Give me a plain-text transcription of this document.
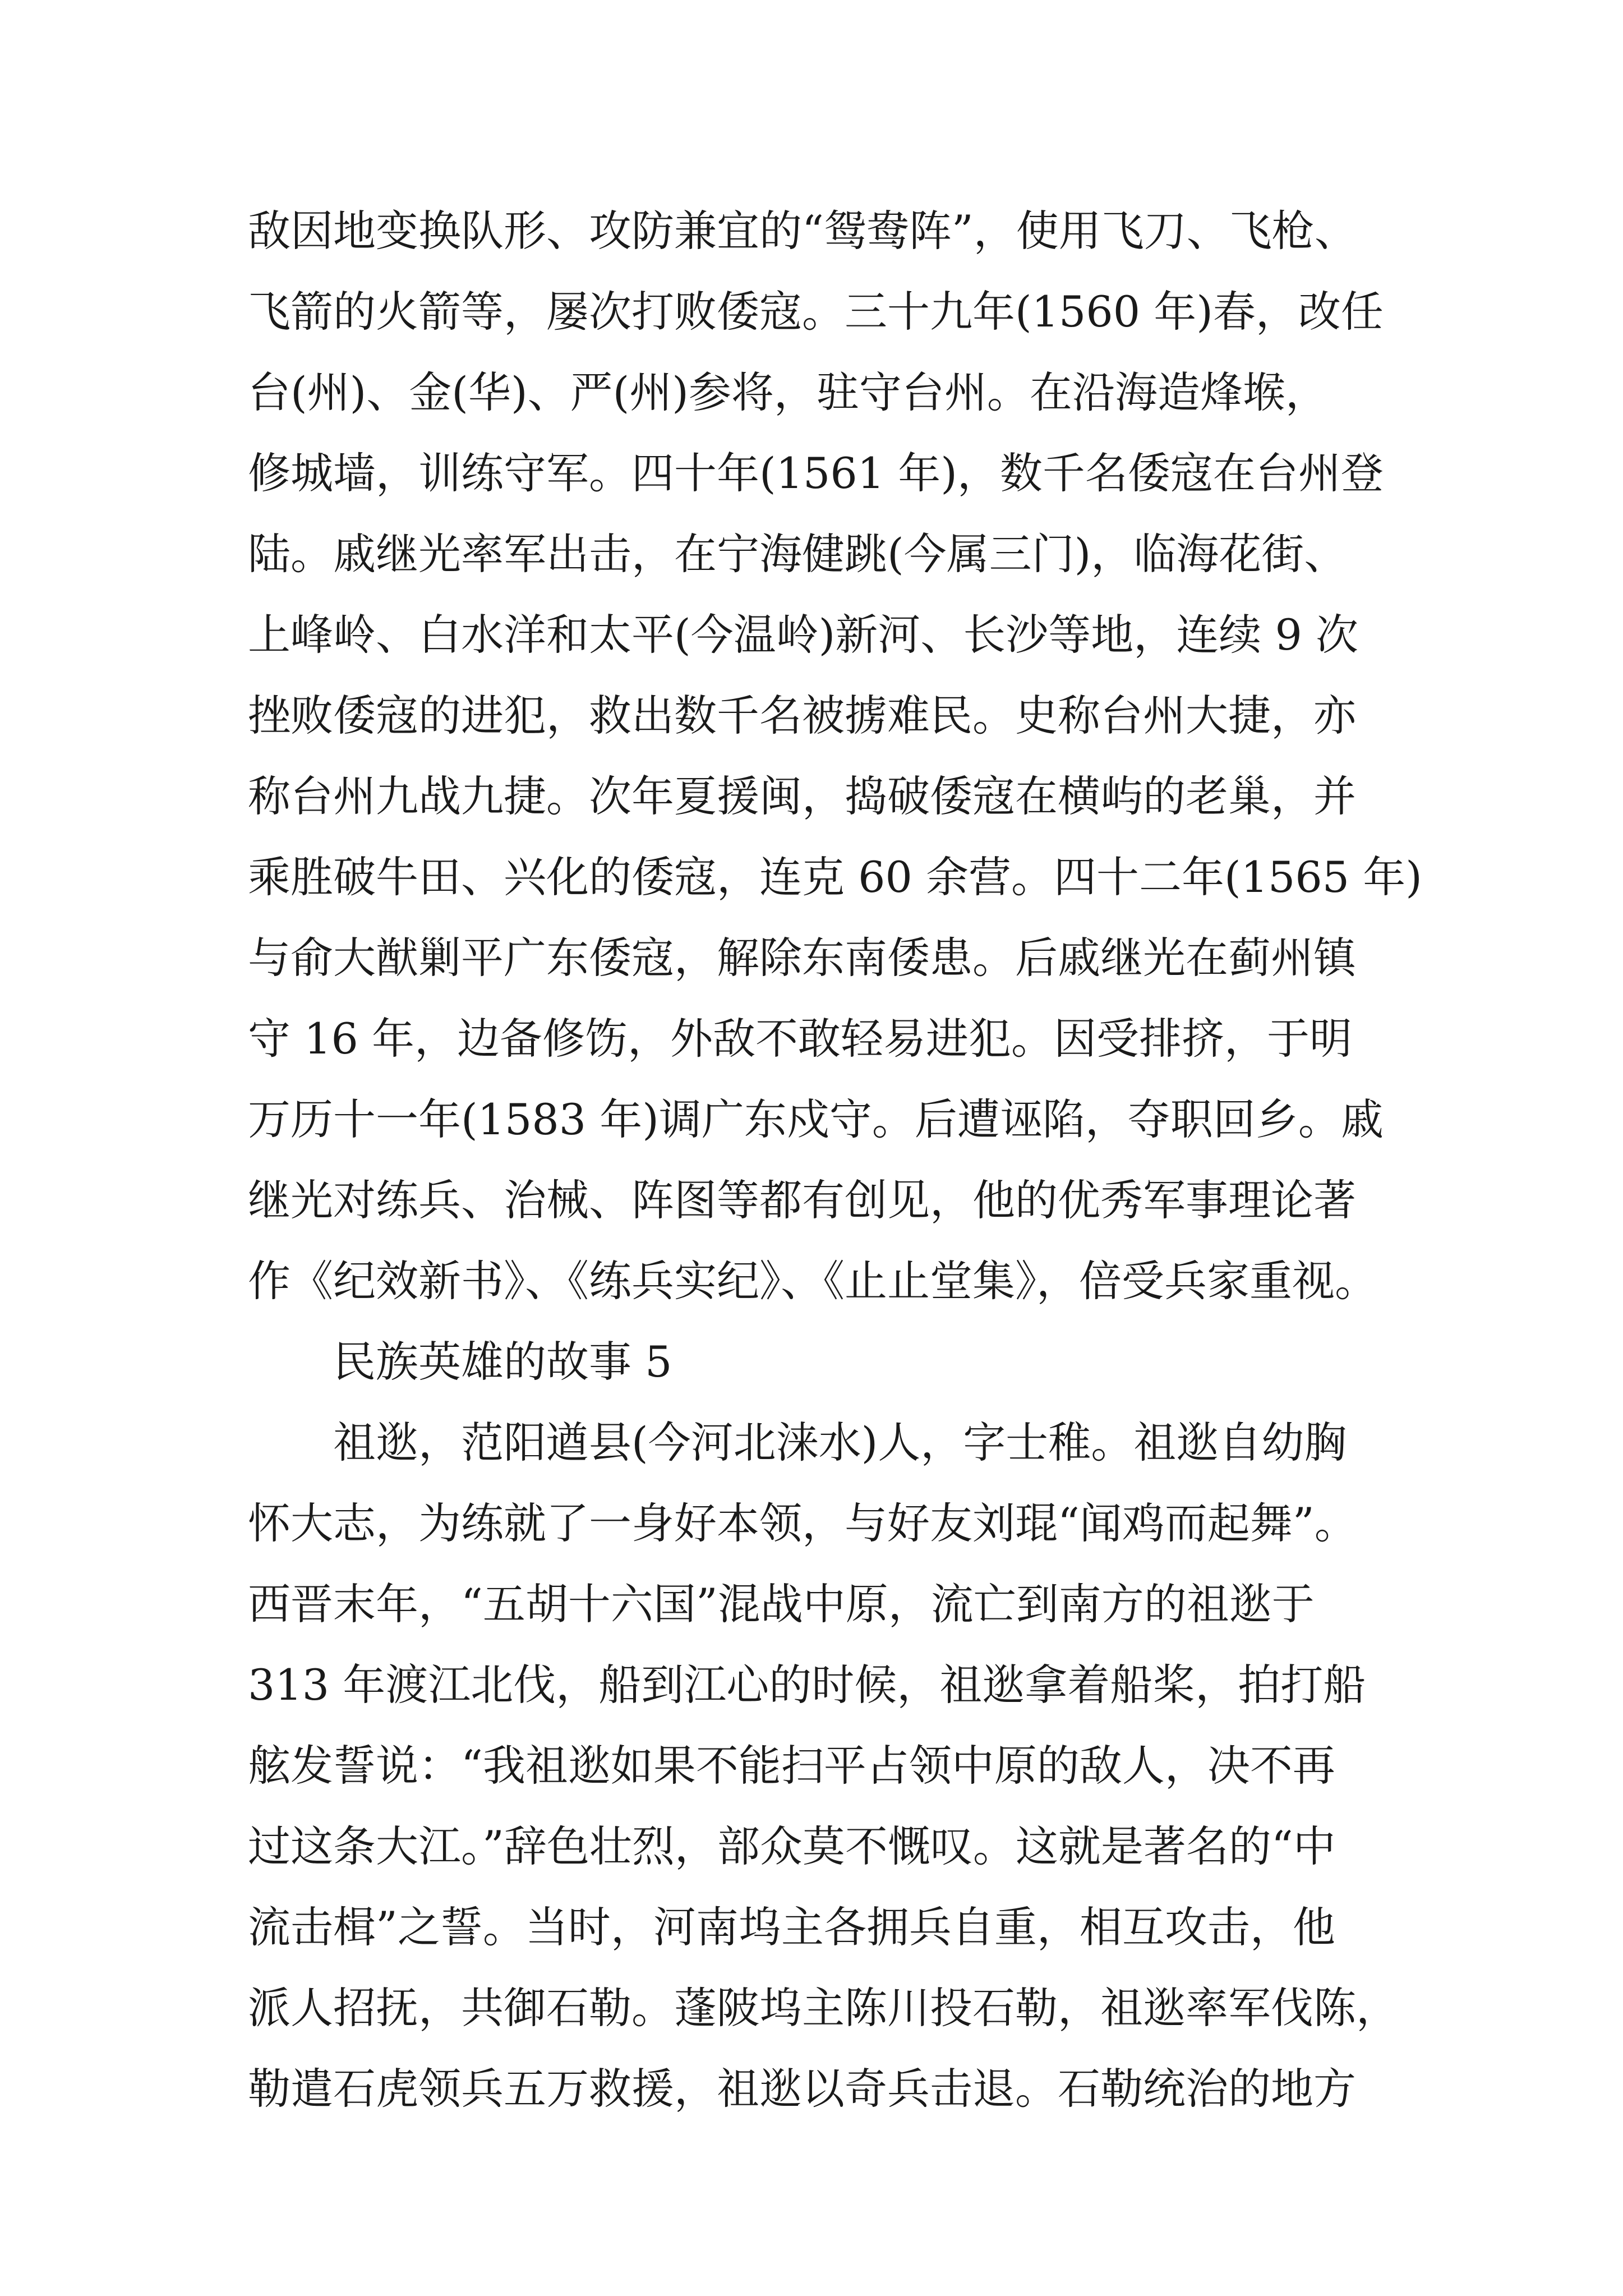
敌因地变换队形、攻防兼宜的“鸳鸯阵”，使用飞刀、飞枪、
飞箭的火箭等，屡次打败倭寇。三十九年(1560 年)春，改任
台(州)、金(华)、严(州)参将，驻守台州。在沿海造烽堠，
修城墙，训练守军。四十年(1561 年)，数千名倭寇在台州登
陆。戚继光率军出击，在宁海健跳(今属三门)，临海花街、
上峰岭、白水洋和太平(今温岭)新河、长沙等地，连续 9 次
挫败倭寇的进犯，救出数千名被掳难民。史称台州大捷，亦
称台州九战九捷。次年夏援闽，捣破倭寇在横屿的老巢，并
乘胜破牛田、兴化的倭寇，连克 60 余营。四十二年(1565 年)
与俞大猷剿平广东倭寇，解除东南倭患。后戚继光在蓟州镇
守 16 年，边备修饬，外敌不敢轻易进犯。因受排挤，于明
万历十一年(1583 年)调广东戍守。后遭诬陷，夺职回乡。戚
继光对练兵、治械、阵图等都有创见，他的优秀军事理论著
作《纪效新书》、《练兵实纪》、《止止堂集》，倍受兵家重视。
民族英雄的故事 5
祖逖，范阳遒县(今河北涞水)人，字士稚。祖逖自幼胸
怀大志，为练就了一身好本领，与好友刘琨“闻鸡而起舞”。
西晋末年，“五胡十六国”混战中原，流亡到南方的祖逖于
313 年渡江北伐，船到江心的时候，祖逖拿着船桨，拍打船
舷发誓说：“我祖逖如果不能扫平占领中原的敌人，决不再
过这条大江。”辞色壮烈，部众莫不慨叹。这就是著名的“中
流击楫”之誓。当时，河南坞主各拥兵自重，相互攻击，他
派人招抚，共御石勒。蓬陂坞主陈川投石勒，祖逖率军伐陈，
勒遣石虎领兵五万救援，祖逖以奇兵击退。石勒统治的地方
